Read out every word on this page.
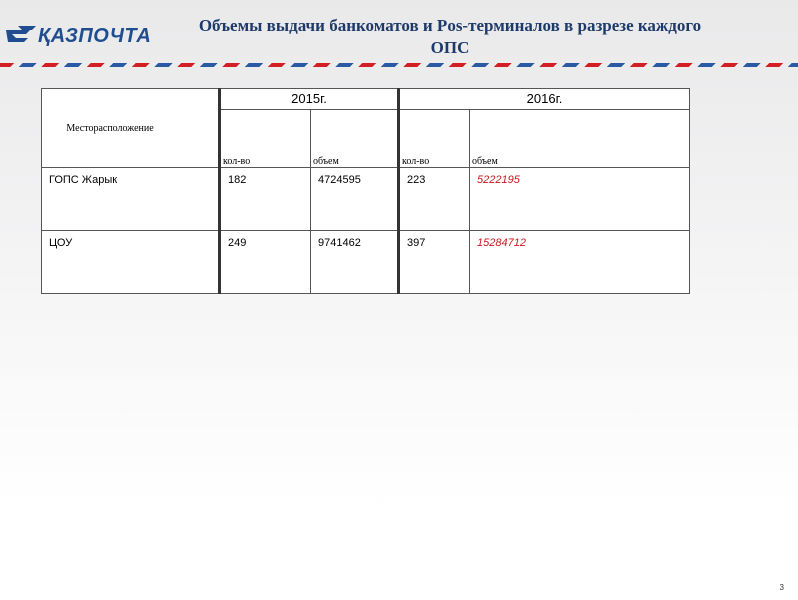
ҚАЗПОЧТА	Объемы выдачи банкоматов и Pos-терминалов в разрезе каждого ОПС
Месторасположение	2015г.		2016г.	
	кол-во	объем	кол-во	объем
ГОПС Жарык	182	4724595	223	5222195
ЦОУ	249	9741462	397	15284712
3
